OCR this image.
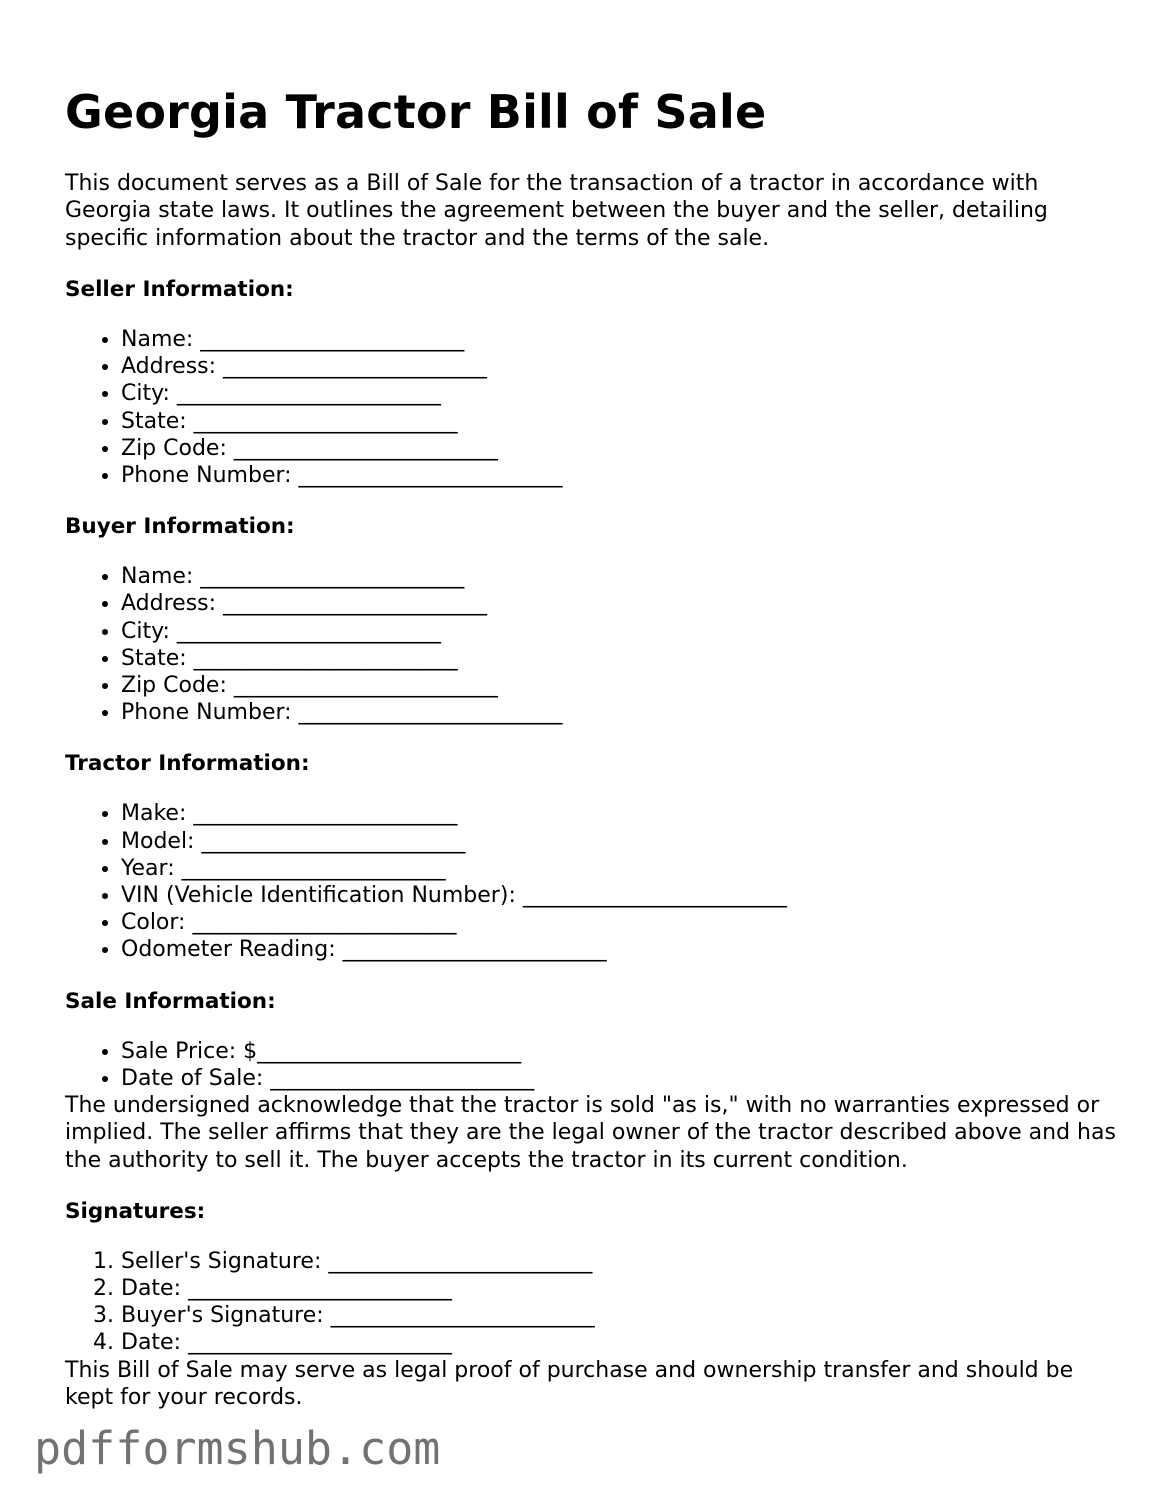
Georgia Tractor Bill of Sale

This document serves as a Bill of Sale for the transaction of a tractor in accordance with Georgia state laws. It outlines the agreement between the buyer and the seller, detailing specific information about the tractor and the terms of the sale.

Seller Information:
• Name: ________________________
• Address: ________________________
• City: ________________________
• State: ________________________
• Zip Code: ________________________
• Phone Number: ________________________
Buyer Information:
• Name: ________________________
• Address: ________________________
• City: ________________________
• State: ________________________
• Zip Code: ________________________
• Phone Number: ________________________
Tractor Information:
• Make: ________________________
• Model: ________________________
• Year: ________________________
• VIN (Vehicle Identification Number): ________________________
• Color: ________________________
• Odometer Reading: ________________________
Sale Information:
• Sale Price: $________________________
• Date of Sale: ________________________

The undersigned acknowledge that the tractor is sold "as is," with no warranties expressed or implied. The seller affirms that they are the legal owner of the tractor described above and has the authority to sell it. The buyer accepts the tractor in its current condition.

Signatures:
1. Seller's Signature: ________________________
2. Date: ________________________
3. Buyer's Signature: ________________________
4. Date: ________________________

This Bill of Sale may serve as legal proof of purchase and ownership transfer and should be kept for your records.

pdfformshub.com
